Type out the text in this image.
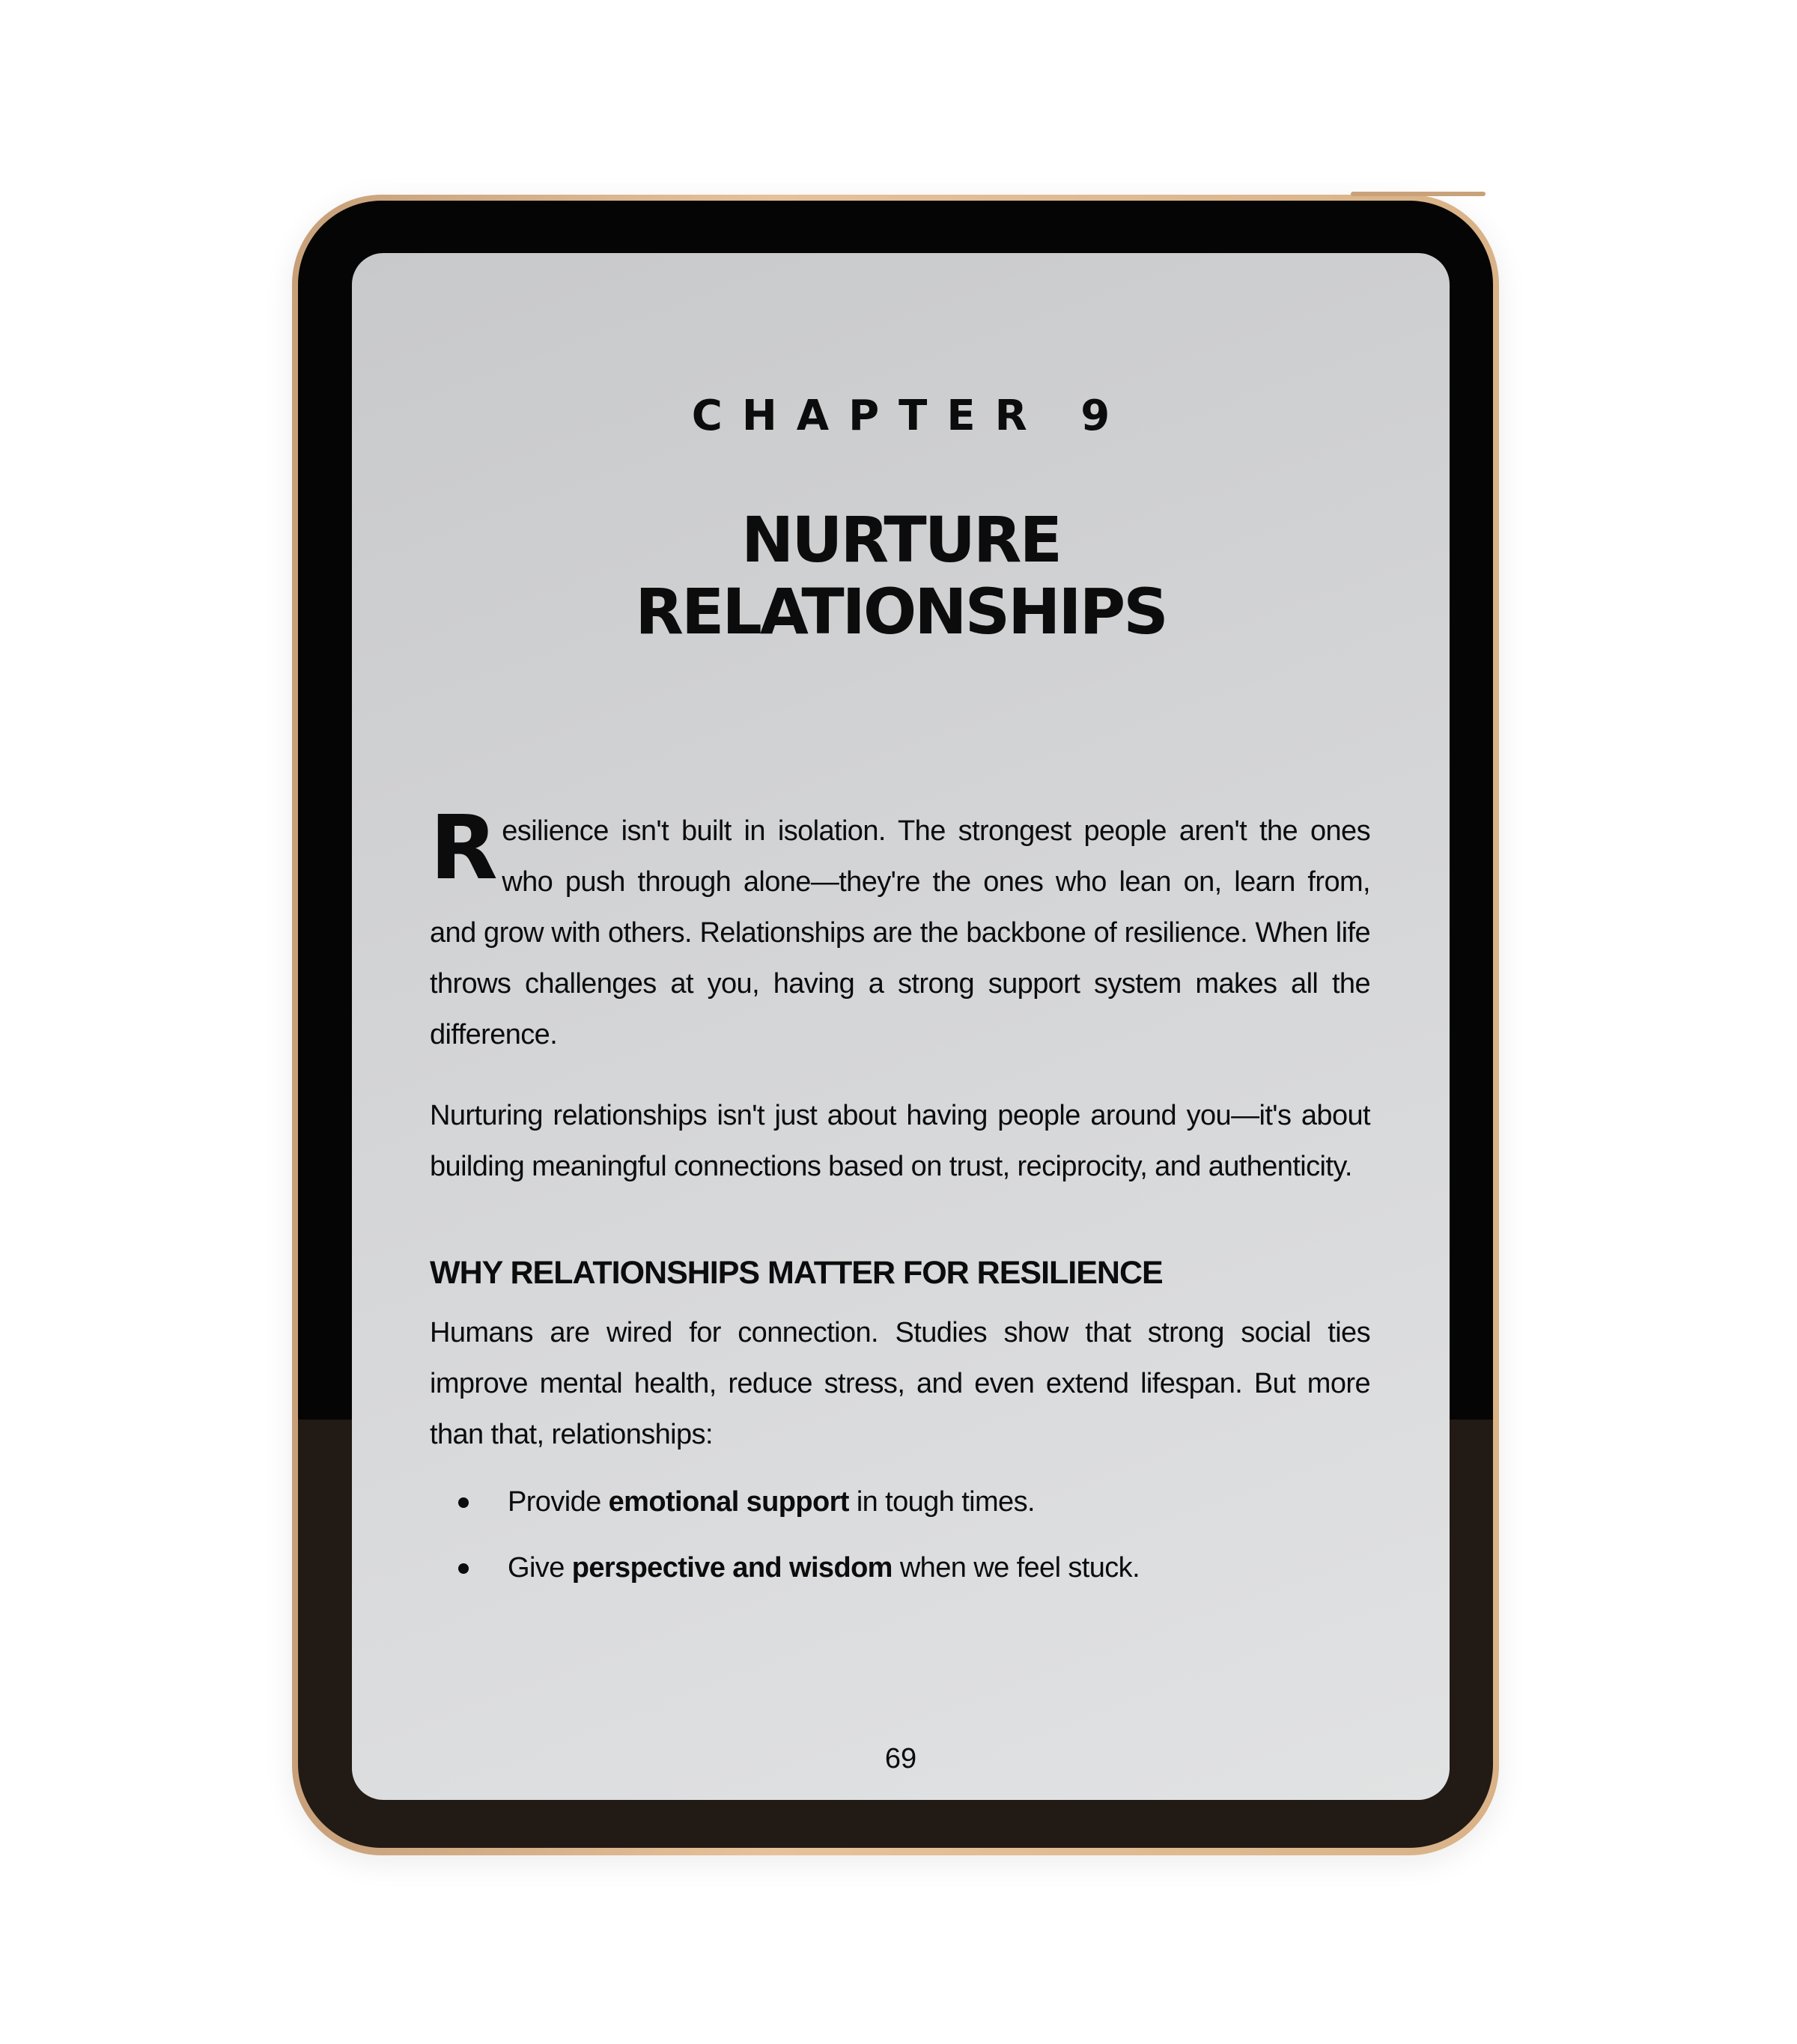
CHAPTER 9
NURTURE
RELATIONSHIPS

Resilience isn't built in isolation. The strongest people aren't the ones who push through alone—they're the ones who lean on, learn from, and grow with others. Relationships are the backbone of resilience. When life throws challenges at you, having a strong support system makes all the difference.

Nurturing relationships isn't just about having people around you—it's about building meaningful connections based on trust, reciprocity, and authenticity.

WHY RELATIONSHIPS MATTER FOR RESILIENCE

Humans are wired for connection. Studies show that strong social ties improve mental health, reduce stress, and even extend lifespan. But more than that, relationships:

Provide emotional support in tough times.
Give perspective and wisdom when we feel stuck.
69
